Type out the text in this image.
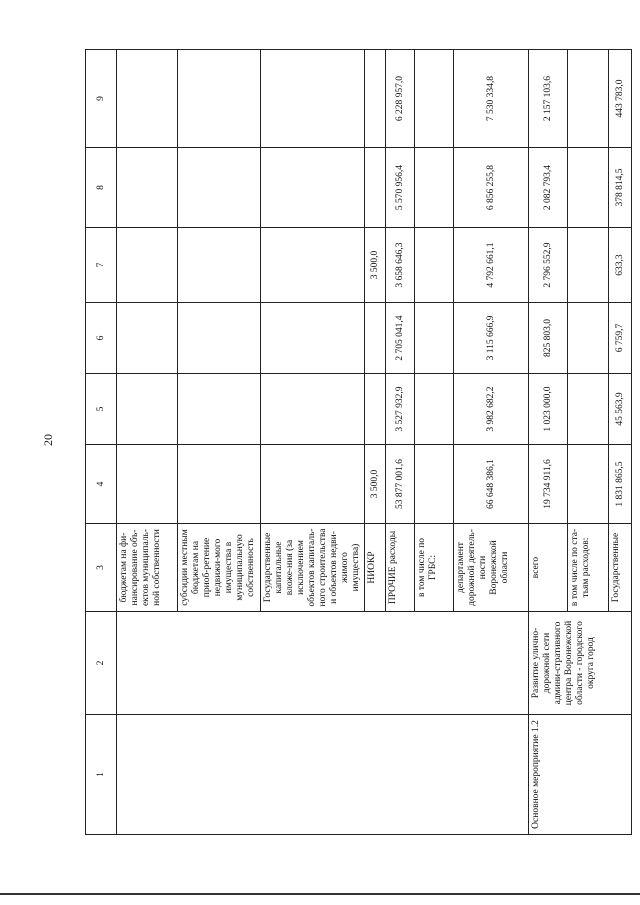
20
1	2	3	4	5	6	7	8	9
		бюджетам на фи-нансирование объ-ектов муниципаль-ной собственности						
		субсидии местным бюджетам на приоб-ретение недвижи-мого имущества в муниципальную собственность						
		Государственные капитальные вложе-ния (за исключением объектов капиталь-ного строительства и объектов недви-жимого имущества)						
		НИОКР	3 500,0			3 500,0		
		ПРОЧИЕ расходы	53 877 001,6	3 527 932,9	2 705 041,4	3 658 646,3	5 570 956,4	6 228 957,0
		в том числе по ГРБС:						
		департамент дорожной деятель-ности Воронежской области	66 648 386,1	3 982 682,2	3 115 666,9	4 792 661,1	6 856 255,8	7 530 334,8
Основное мероприятие 1.2	Развитие улично-дорожной сети админи-стративного центра Воронежской области - городского округа город	всего	19 734 911,6	1 023 000,0	825 803,0	2 796 552,9	2 082 793,4	2 157 103,6
		в том числе по ста-тьям расходов:						
		Государственные	1 831 865,5	45 563,9	6 759,7	633,3	378 814,5	443 783,0
